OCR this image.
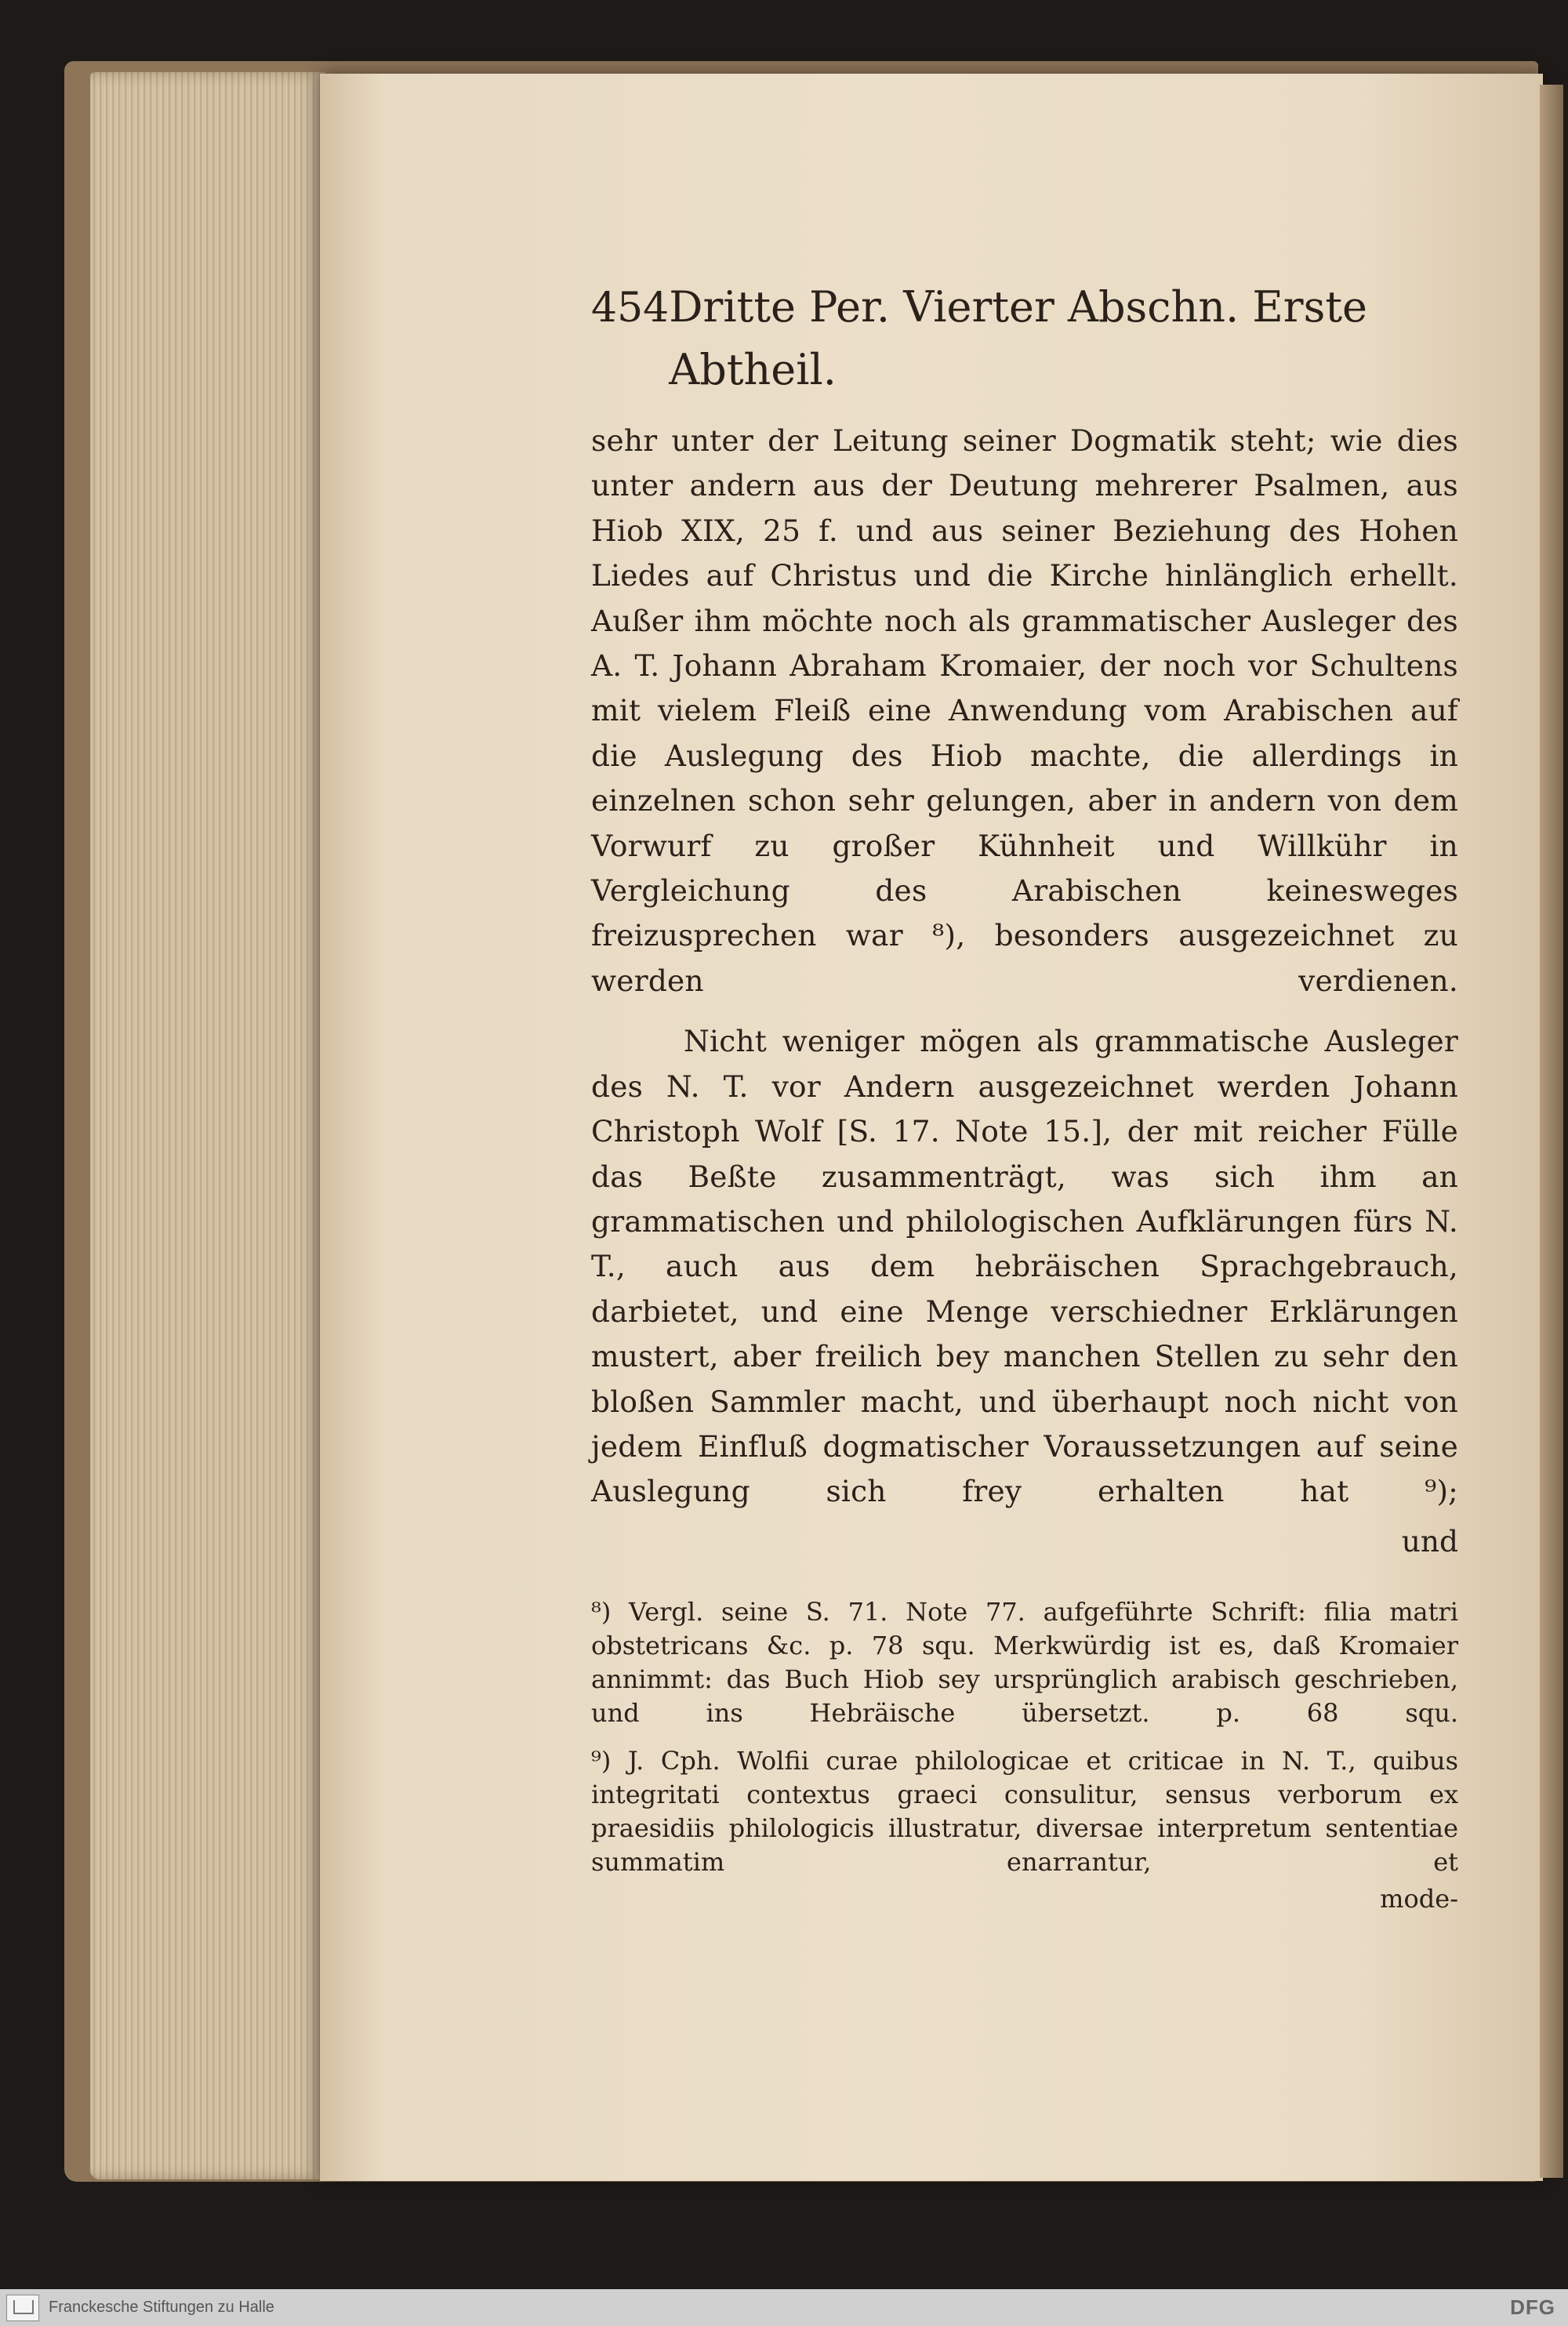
454 Dritte Per. Vierter Abschn. Erste Abtheil.

sehr unter der Leitung seiner Dogmatik steht; wie dies unter andern aus der Deutung mehrerer Psalmen, aus Hiob XIX, 25 f. und aus seiner Beziehung des Hohen Liedes auf Christus und die Kirche hinlänglich erhellt. Außer ihm möchte noch als grammatischer Ausleger des A. T. Johann Abraham Kromaier, der noch vor Schultens mit vielem Fleiß eine Anwendung vom Arabischen auf die Auslegung des Hiob machte, die allerdings in einzelnen schon sehr gelungen, aber in andern von dem Vorwurf zu großer Kühnheit und Willkühr in Vergleichung des Arabischen keinesweges freizusprechen war ⁸), besonders ausgezeichnet zu werden verdienen.

Nicht weniger mögen als grammatische Ausleger des N. T. vor Andern ausgezeichnet werden Johann Christoph Wolf [S. 17. Note 15.], der mit reicher Fülle das Beßte zusammenträgt, was sich ihm an grammatischen und philologischen Aufklärungen fürs N. T., auch aus dem hebräischen Sprachgebrauch, darbietet, und eine Menge verschiedner Erklärungen mustert, aber freilich bey manchen Stellen zu sehr den bloßen Sammler macht, und überhaupt noch nicht von jedem Einfluß dogmatischer Voraussetzungen auf seine Auslegung sich frey erhalten hat ⁹);

und

⁸) Vergl. seine S. 71. Note 77. aufgeführte Schrift: filia matri obstetricans &c. p. 78 squ. Merkwürdig ist es, daß Kromaier annimmt: das Buch Hiob sey ursprünglich arabisch geschrieben, und ins Hebräische übersetzt. p. 68 squ.

⁹) J. Cph. Wolfii curae philologicae et criticae in N. T., quibus integritati contextus graeci consulitur, sensus verborum ex praesidiis philologicis illustratur, diversae interpretum sententiae summatim enarrantur, et

mode-
Franckesche Stiftungen zu Halle	DFG
